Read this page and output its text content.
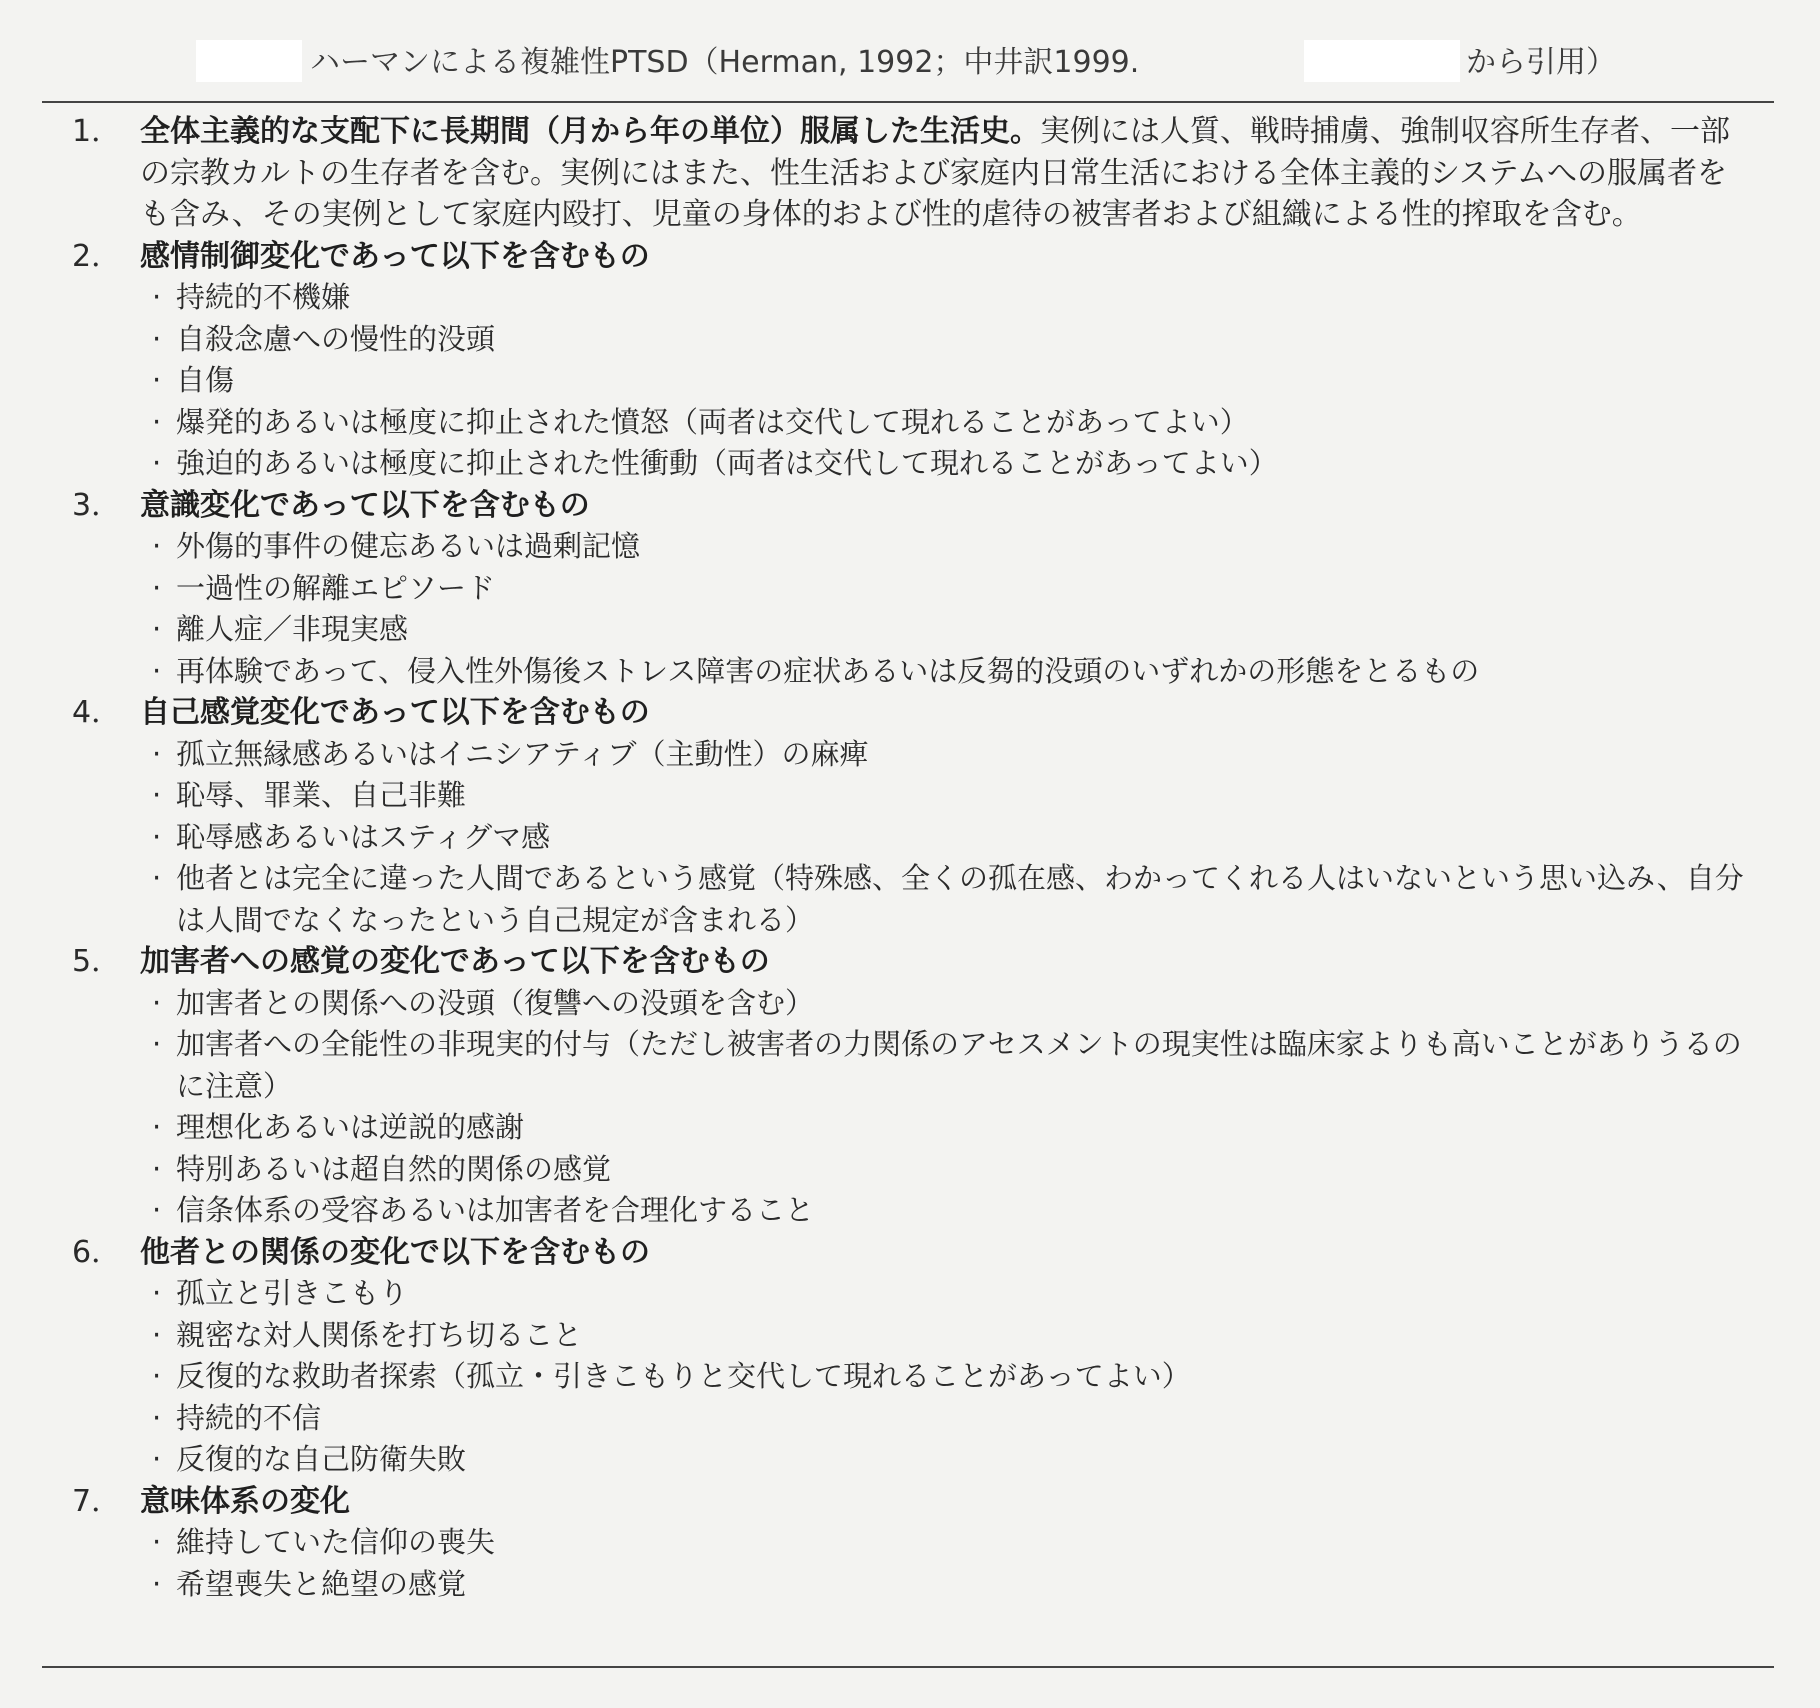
ハーマンによる複雑性PTSD（Herman, 1992；中井訳1999.	から引用）
1． 全体主義的な支配下に長期間（月から年の単位）服属した生活史。実例には人質、戦時捕虜、強制収容所生存者、一部の宗教カルトの生存者を含む。実例にはまた、性生活および家庭内日常生活における全体主義的システムへの服属者をも含み、その実例として家庭内殴打、児童の身体的および性的虐待の被害者および組織による性的搾取を含む。
2． 感情制御変化であって以下を含むもの
· 持続的不機嫌
· 自殺念慮への慢性的没頭
· 自傷
· 爆発的あるいは極度に抑止された憤怒（両者は交代して現れることがあってよい）
· 強迫的あるいは極度に抑止された性衝動（両者は交代して現れることがあってよい）
3． 意識変化であって以下を含むもの
· 外傷的事件の健忘あるいは過剰記憶
· 一過性の解離エピソード
· 離人症／非現実感
· 再体験であって、侵入性外傷後ストレス障害の症状あるいは反芻的没頭のいずれかの形態をとるもの
4． 自己感覚変化であって以下を含むもの
· 孤立無縁感あるいはイニシアティブ（主動性）の麻痺
· 恥辱、罪業、自己非難
· 恥辱感あるいはスティグマ感
· 他者とは完全に違った人間であるという感覚（特殊感、全くの孤在感、わかってくれる人はいないという思い込み、自分は人間でなくなったという自己規定が含まれる）
5． 加害者への感覚の変化であって以下を含むもの
· 加害者との関係への没頭（復讐への没頭を含む）
· 加害者への全能性の非現実的付与（ただし被害者の力関係のアセスメントの現実性は臨床家よりも高いことがありうるのに注意）
· 理想化あるいは逆説的感謝
· 特別あるいは超自然的関係の感覚
· 信条体系の受容あるいは加害者を合理化すること
6． 他者との関係の変化で以下を含むもの
· 孤立と引きこもり
· 親密な対人関係を打ち切ること
· 反復的な救助者探索（孤立・引きこもりと交代して現れることがあってよい）
· 持続的不信
· 反復的な自己防衛失敗
7． 意味体系の変化
· 維持していた信仰の喪失
· 希望喪失と絶望の感覚
